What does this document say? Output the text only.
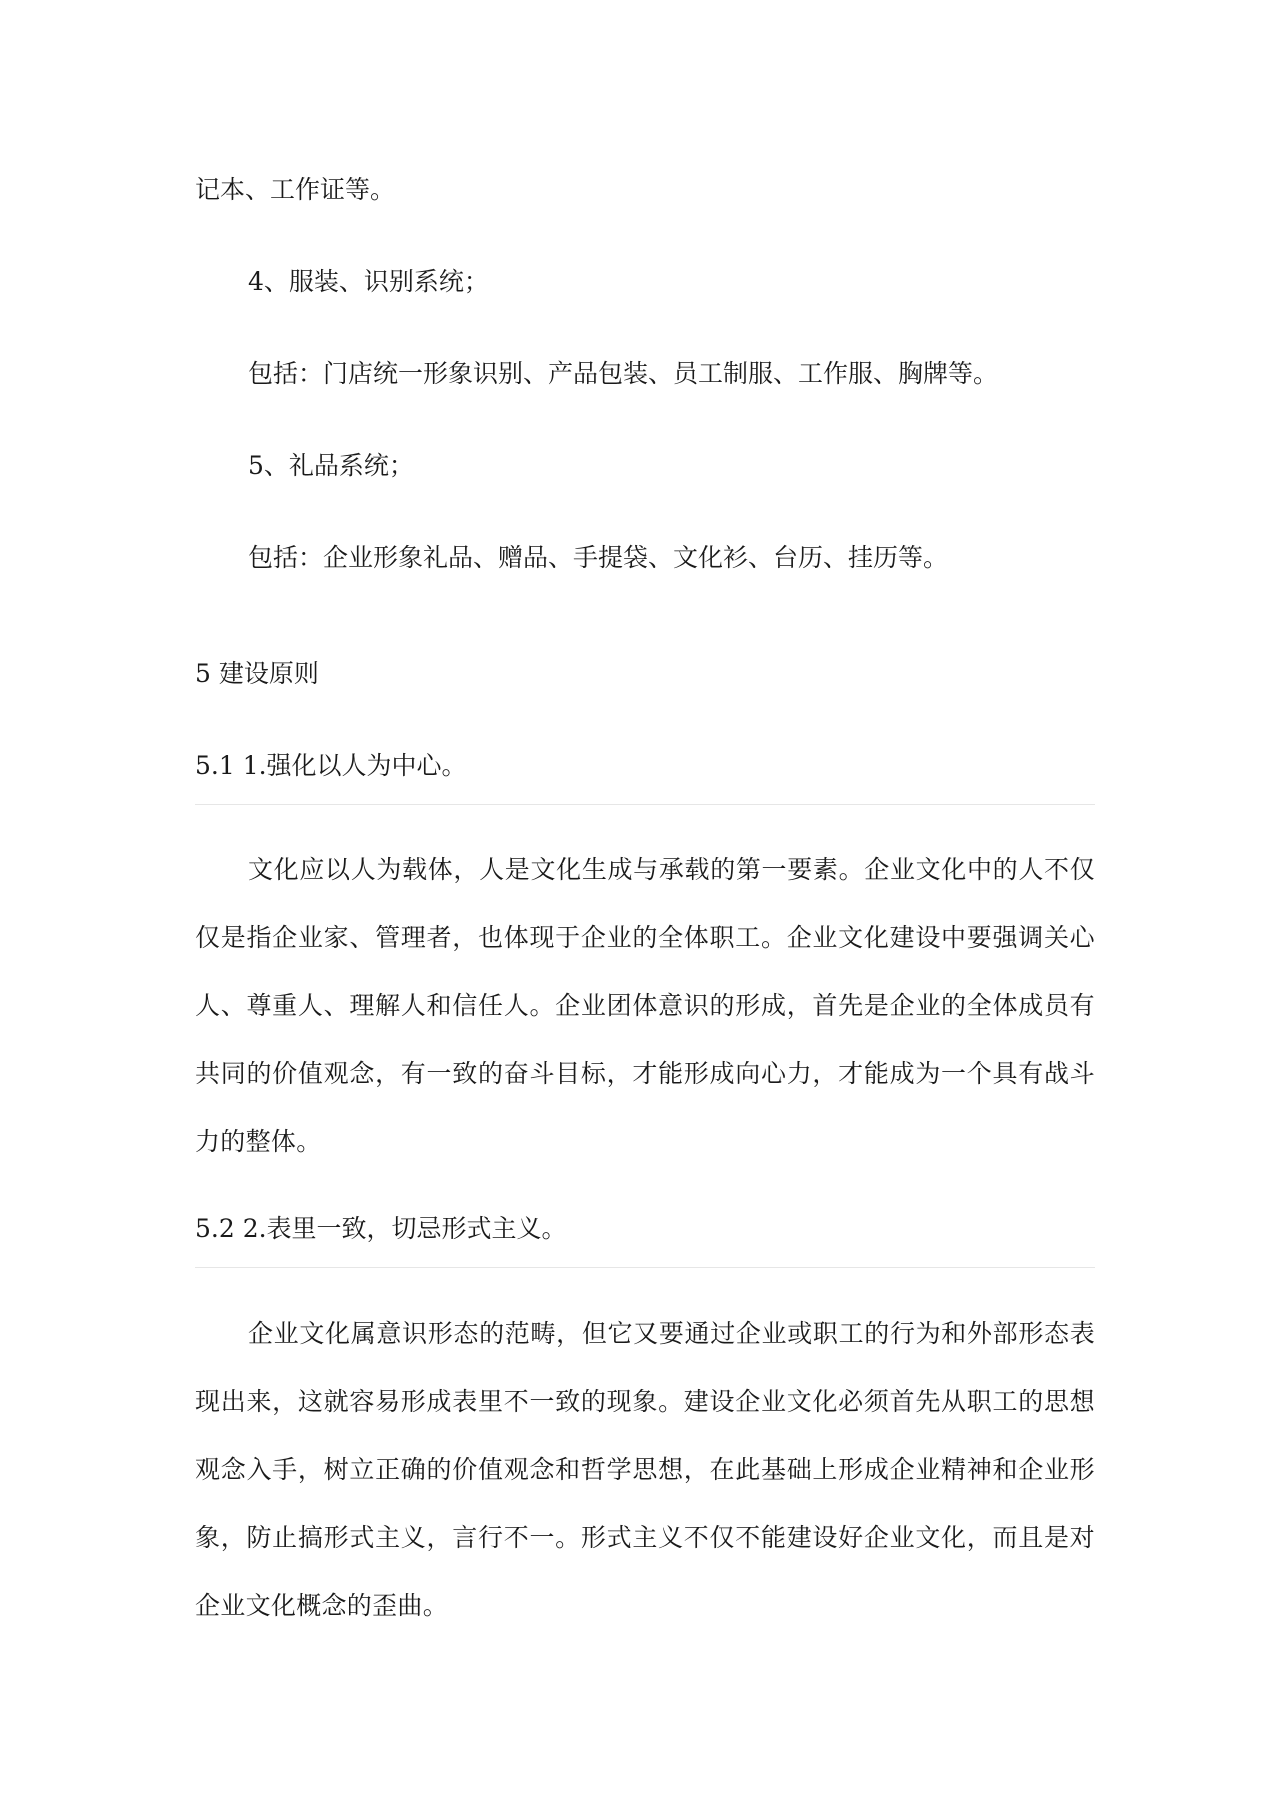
记本、工作证等。

4、服装、识别系统；

包括：门店统一形象识别、产品包装、员工制服、工作服、胸牌等。

5、礼品系统；

包括：企业形象礼品、赠品、手提袋、文化衫、台历、挂历等。

5 建设原则
5.1 1.强化以人为中心。

文化应以人为载体，人是文化生成与承载的第一要素。企业文化中的人不仅仅是指企业家、管理者，也体现于企业的全体职工。企业文化建设中要强调关心人、尊重人、理解人和信任人。企业团体意识的形成，首先是企业的全体成员有共同的价值观念，有一致的奋斗目标，才能形成向心力，才能成为一个具有战斗力的整体。

5.2 2.表里一致，切忌形式主义。

企业文化属意识形态的范畴，但它又要通过企业或职工的行为和外部形态表现出来，这就容易形成表里不一致的现象。建设企业文化必须首先从职工的思想观念入手，树立正确的价值观念和哲学思想，在此基础上形成企业精神和企业形象，防止搞形式主义，言行不一。形式主义不仅不能建设好企业文化，而且是对企业文化概念的歪曲。
